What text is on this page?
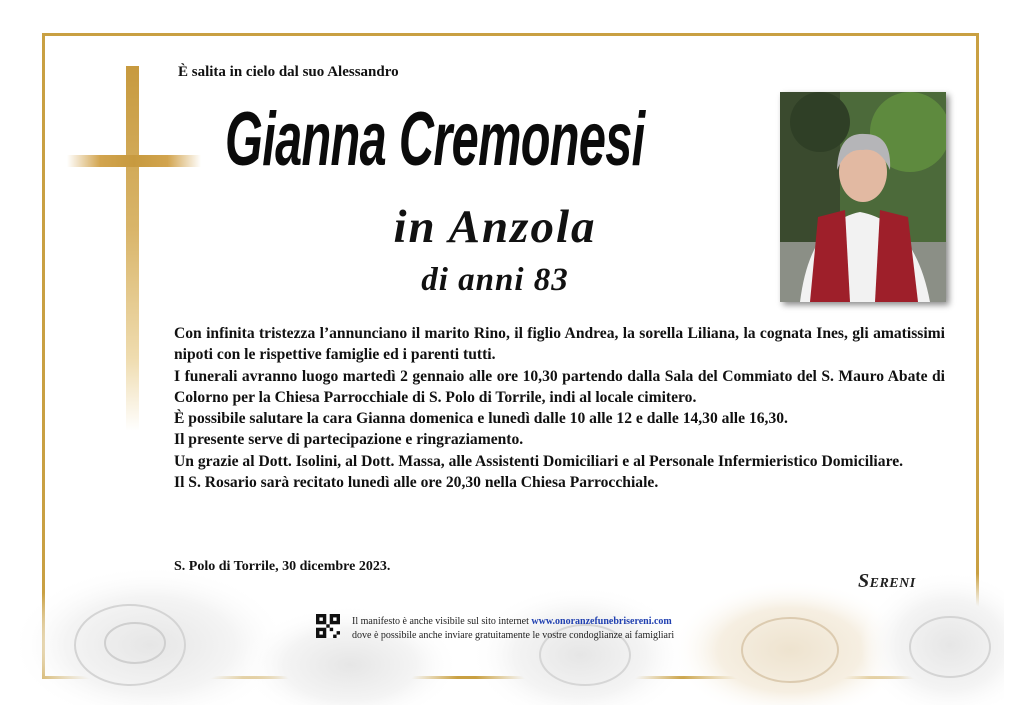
È salita in cielo dal suo Alessandro
Gianna Cremonesi
in Anzola
di anni 83

Con infinita tristezza l’annunciano il marito Rino, il figlio Andrea, la sorella Liliana, la cognata Ines, gli amatissimi nipoti con le rispettive famiglie ed i parenti tutti.

I funerali avranno luogo martedì 2 gennaio alle ore 10,30 partendo dalla Sala del Commiato del S. Mauro Abate di Colorno per la Chiesa Parrocchiale di S. Polo di Torrile, indi al locale cimitero.

È possibile salutare la cara Gianna domenica e lunedì dalle 10 alle 12 e dalle 14,30 alle 16,30.

Il presente serve di partecipazione e ringraziamento.

Un grazie al Dott. Isolini, al Dott. Massa, alle Assistenti Domiciliari e al Personale Infermieristico Domiciliare.

Il S. Rosario sarà recitato lunedì alle ore 20,30 nella Chiesa Parrocchiale.

S. Polo di Torrile, 30 dicembre 2023.
Sereni
Il manifesto è anche visibile sul sito internet www.onoranzefunebrisereni.com
dove è possibile anche inviare gratuitamente le vostre condoglianze ai famigliari
